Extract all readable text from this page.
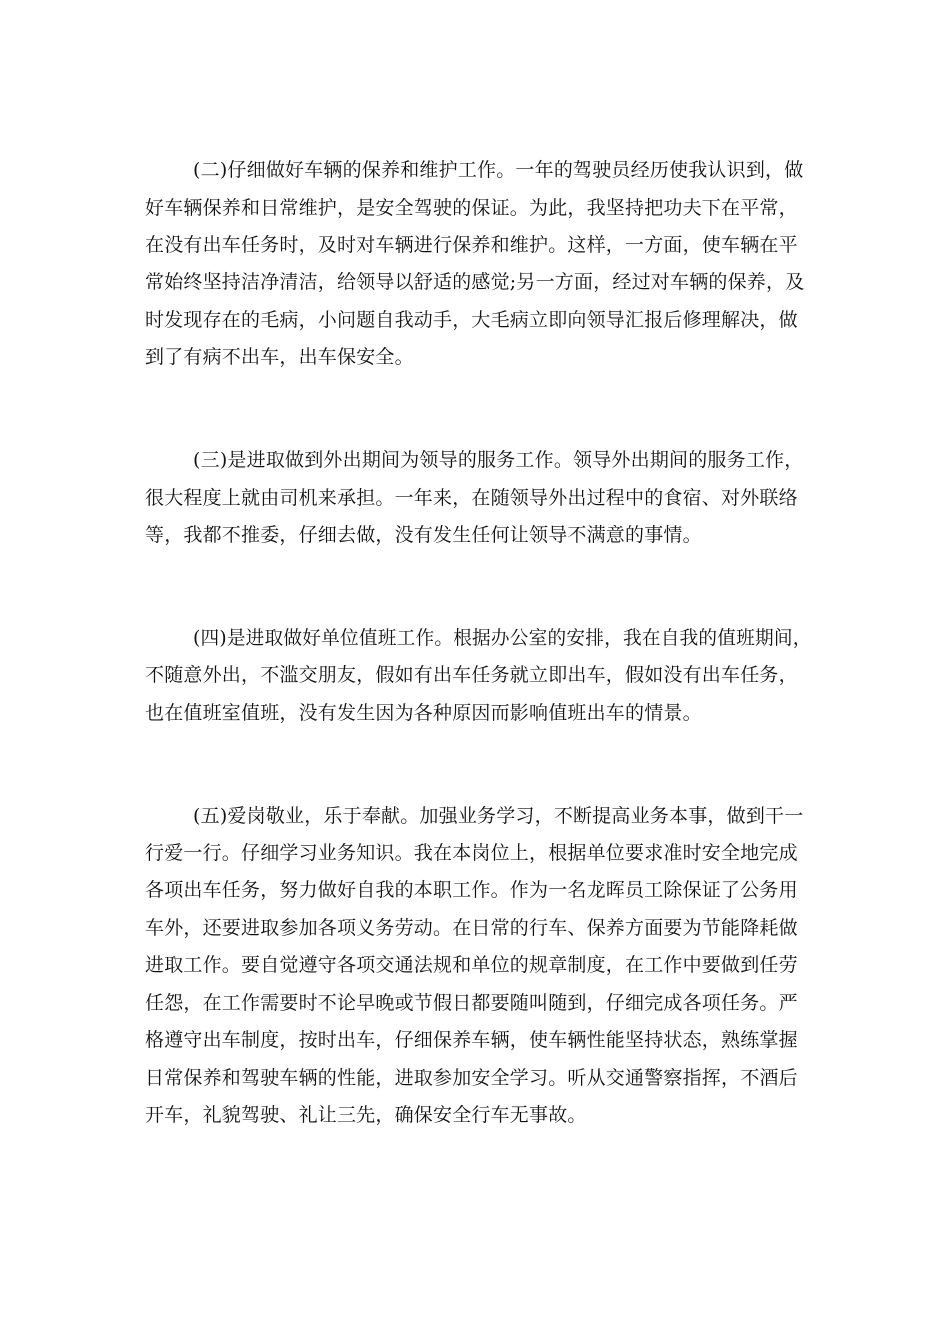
(二)仔细做好车辆的保养和维护工作。一年的驾驶员经历使我认识到，做
好车辆保养和日常维护，是安全驾驶的保证。为此，我坚持把功夫下在平常，
在没有出车任务时，及时对车辆进行保养和维护。这样，一方面，使车辆在平
常始终坚持洁净清洁，给领导以舒适的感觉;另一方面，经过对车辆的保养，及
时发现存在的毛病，小问题自我动手，大毛病立即向领导汇报后修理解决，做
到了有病不出车，出车保安全。
(三)是进取做到外出期间为领导的服务工作。领导外出期间的服务工作，
很大程度上就由司机来承担。一年来，在随领导外出过程中的食宿、对外联络
等，我都不推委，仔细去做，没有发生任何让领导不满意的事情。
(四)是进取做好单位值班工作。根据办公室的安排，我在自我的值班期间，
不随意外出，不滥交朋友，假如有出车任务就立即出车，假如没有出车任务，
也在值班室值班，没有发生因为各种原因而影响值班出车的情景。
(五)爱岗敬业，乐于奉献。加强业务学习，不断提高业务本事，做到干一
行爱一行。仔细学习业务知识。我在本岗位上，根据单位要求准时安全地完成
各项出车任务，努力做好自我的本职工作。作为一名龙晖员工除保证了公务用
车外，还要进取参加各项义务劳动。在日常的行车、保养方面要为节能降耗做
进取工作。要自觉遵守各项交通法规和单位的规章制度，在工作中要做到任劳
任怨，在工作需要时不论早晚或节假日都要随叫随到，仔细完成各项任务。严
格遵守出车制度，按时出车，仔细保养车辆，使车辆性能坚持状态，熟练掌握
日常保养和驾驶车辆的性能，进取参加安全学习。听从交通警察指挥，不酒后
开车，礼貌驾驶、礼让三先，确保安全行车无事故。
